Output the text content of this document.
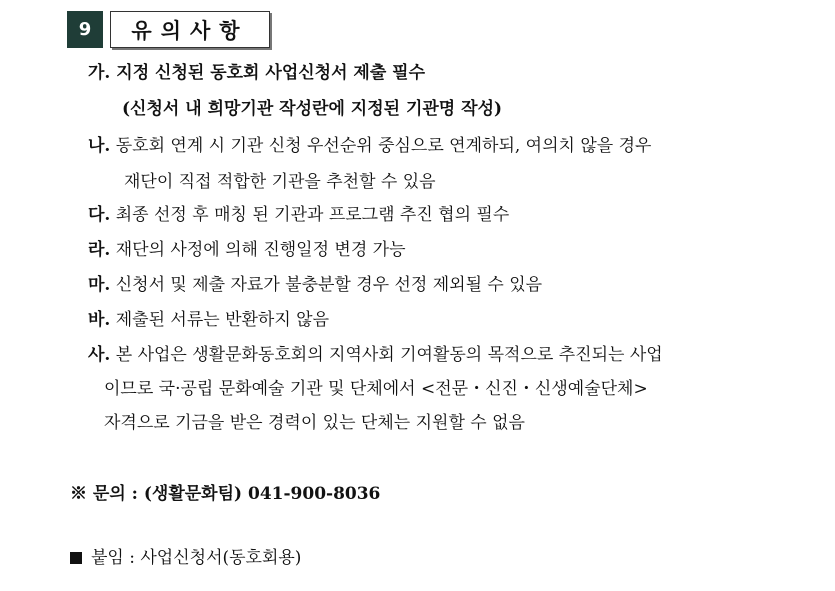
9	유의사항
가. 지정 신청된 동호회 사업신청서 제출 필수
(신청서 내 희망기관 작성란에 지정된 기관명 작성)
나. 동호회 연계 시 기관 신청 우선순위 중심으로 연계하되, 여의치 않을 경우
재단이 직접 적합한 기관을 추천할 수 있음
다. 최종 선정 후 매칭 된 기관과 프로그램 추진 협의 필수
라. 재단의 사정에 의해 진행일정 변경 가능
마. 신청서 및 제출 자료가 불충분할 경우 선정 제외될 수 있음
바. 제출된 서류는 반환하지 않음
사. 본 사업은 생활문화동호회의 지역사회 기여활동의 목적으로 추진되는 사업
이므로 국·공립 문화예술 기관 및 단체에서 <전문・신진・신생예술단체>
자격으로 기금을 받은 경력이 있는 단체는 지원할 수 없음
※ 문의 : (생활문화팀) 041-900-8036
붙임 : 사업신청서(동호회용)
